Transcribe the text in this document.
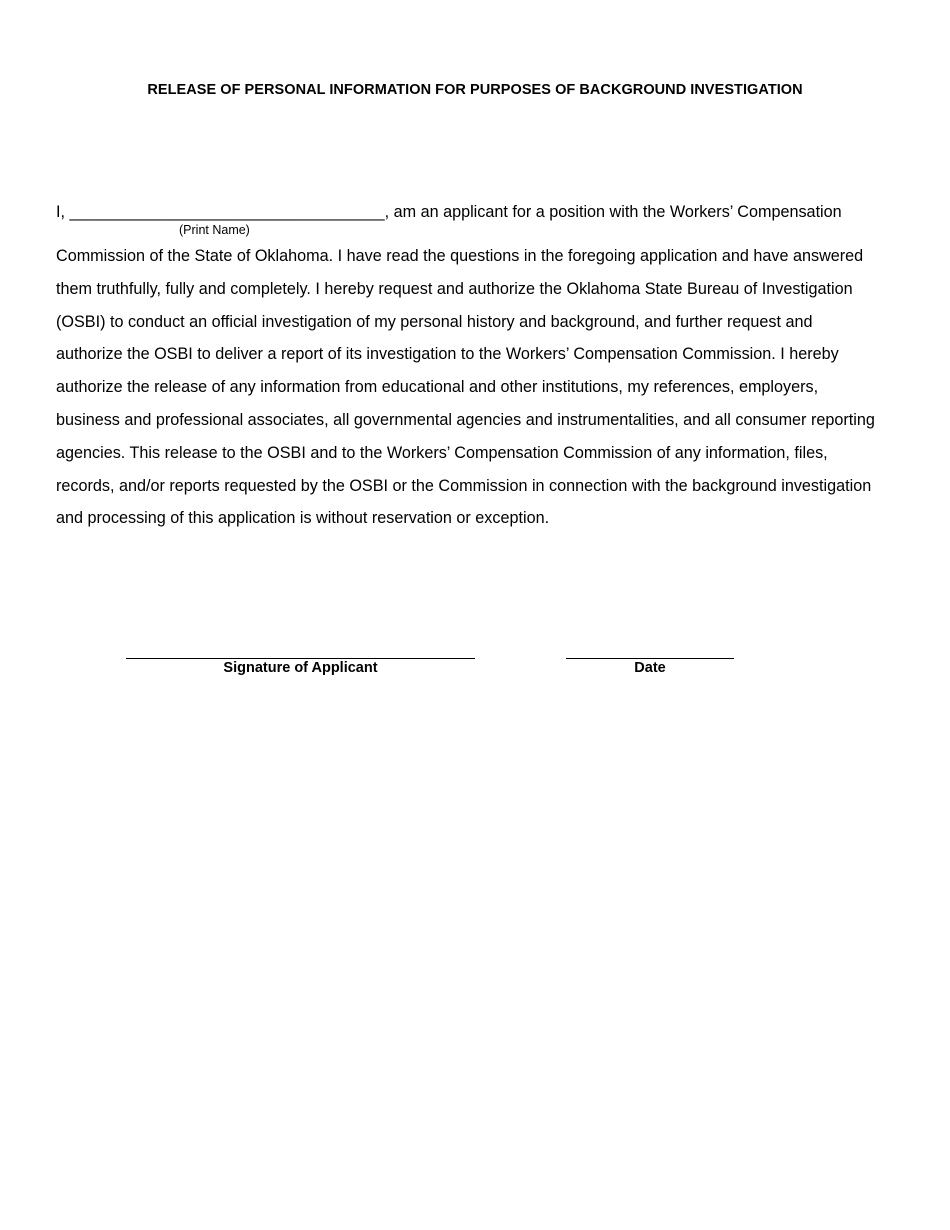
RELEASE OF PERSONAL INFORMATION FOR PURPOSES OF BACKGROUND INVESTIGATION
I, ___________________________________, am an applicant for a position with the Workers’ Compensation
(Print Name)
Commission of the State of Oklahoma. I have read the questions in the foregoing application and have answered
them truthfully, fully and completely. I hereby request and authorize the Oklahoma State Bureau of Investigation
(OSBI) to conduct an official investigation of my personal history and background, and further request and
authorize the OSBI to deliver a report of its investigation to the Workers’ Compensation Commission. I hereby
authorize the release of any information from educational and other institutions, my references, employers,
business and professional associates, all governmental agencies and instrumentalities, and all consumer reporting
agencies. This release to the OSBI and to the Workers’ Compensation Commission of any information, files,
records, and/or reports requested by the OSBI or the Commission in connection with the background investigation
and processing of this application is without reservation or exception.
Signature of Applicant	Date
